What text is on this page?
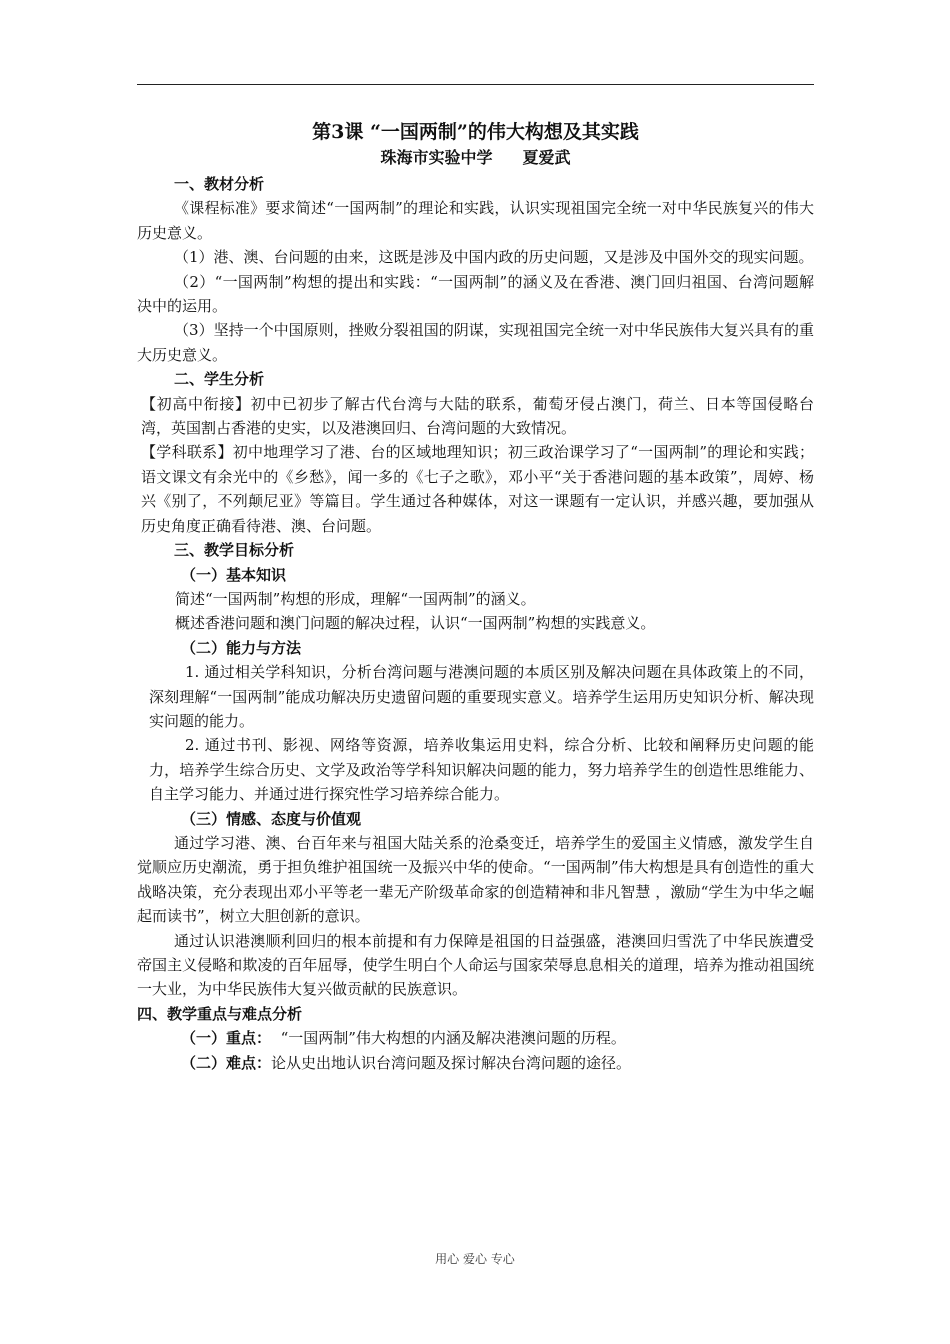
第3课 “一国两制”的伟大构想及其实践
珠海市实验中学 夏爱武

一、教材分析

《课程标准》要求简述“一国两制”的理论和实践，认识实现祖国完全统一对中华民族复兴的伟大历史意义。

（1）港、澳、台问题的由来，这既是涉及中国内政的历史问题，又是涉及中国外交的现实问题。

（2）“一国两制”构想的提出和实践：“一国两制”的涵义及在香港、澳门回归祖国、台湾问题解决中的运用。

（3）坚持一个中国原则，挫败分裂祖国的阴谋，实现祖国完全统一对中华民族伟大复兴具有的重大历史意义。

二、学生分析

【初高中衔接】初中已初步了解古代台湾与大陆的联系，葡萄牙侵占澳门，荷兰、日本等国侵略台湾，英国割占香港的史实，以及港澳回归、台湾问题的大致情况。

【学科联系】初中地理学习了港、台的区域地理知识；初三政治课学习了“一国两制”的理论和实践；语文课文有余光中的《乡愁》，闻一多的《七子之歌》，邓小平“关于香港问题的基本政策”，周婷、杨兴《别了，不列颠尼亚》等篇目。学生通过各种媒体，对这一课题有一定认识，并感兴趣，要加强从历史角度正确看待港、澳、台问题。

三、教学目标分析

（一）基本知识

简述“一国两制”构想的形成，理解“一国两制”的涵义。

概述香港问题和澳门问题的解决过程，认识“一国两制”构想的实践意义。

（二）能力与方法

1. 通过相关学科知识，分析台湾问题与港澳问题的本质区别及解决问题在具体政策上的不同， 深刻理解“一国两制”能成功解决历史遗留问题的重要现实意义。培养学生运用历史知识分析、解决现实问题的能力。

2. 通过书刊、影视、网络等资源，培养收集运用史料，综合分析、比较和阐释历史问题的能力，培养学生综合历史、文学及政治等学科知识解决问题的能力，努力培养学生的创造性思维能力、自主学习能力、并通过进行探究性学习培养综合能力。

（三）情感、态度与价值观

通过学习港、澳、台百年来与祖国大陆关系的沧桑变迁，培养学生的爱国主义情感，激发学生自觉顺应历史潮流，勇于担负维护祖国统一及振兴中华的使命。“一国两制”伟大构想是具有创造性的重大战略决策，充分表现出邓小平等老一辈无产阶级革命家的创造精神和非凡智慧 ，激励“学生为中华之崛起而读书”，树立大胆创新的意识。

通过认识港澳顺利回归的根本前提和有力保障是祖国的日益强盛，港澳回归雪洗了中华民族遭受帝国主义侵略和欺凌的百年屈辱，使学生明白个人命运与国家荣辱息息相关的道理，培养为推动祖国统一大业，为中华民族伟大复兴做贡献的民族意识。

四、教学重点与难点分析

（一）重点： “一国两制”伟大构想的内涵及解决港澳问题的历程。

（二）难点：论从史出地认识台湾问题及探讨解决台湾问题的途径。

用心 爱心 专心
